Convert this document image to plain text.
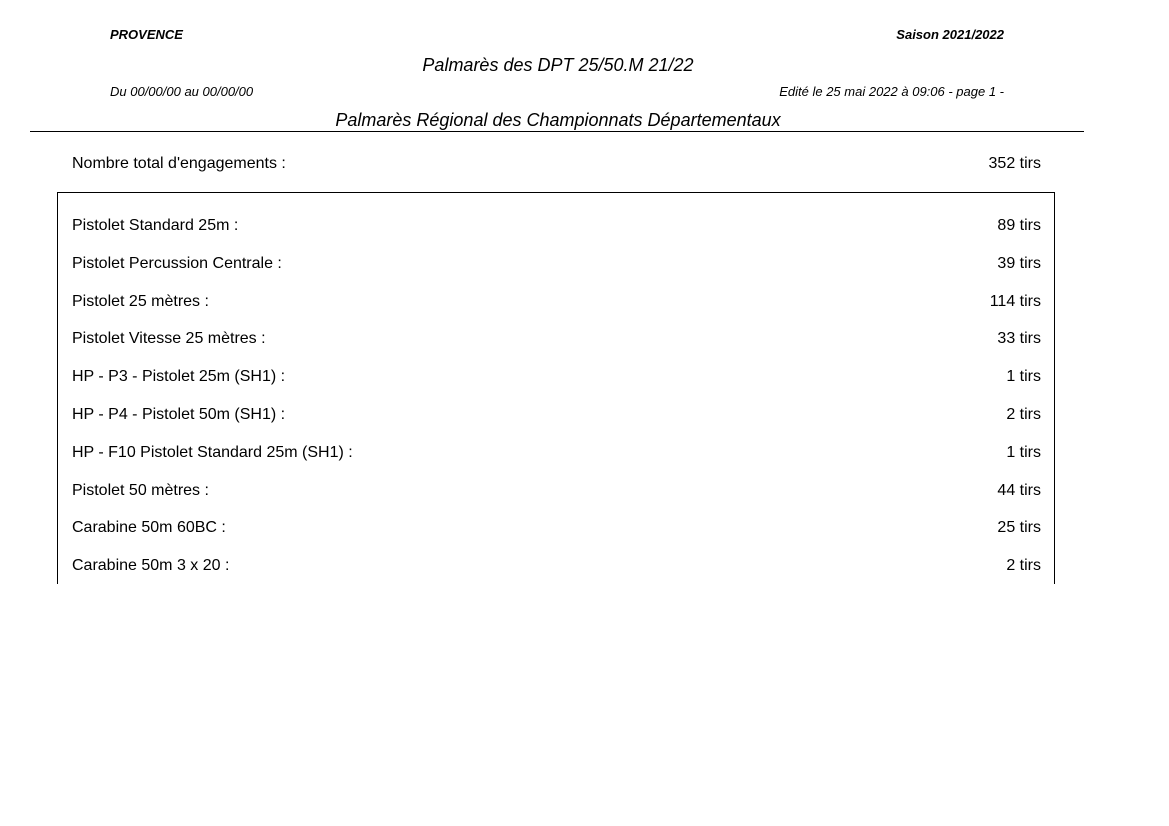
PROVENCE	Saison 2021/2022
Palmarès des DPT 25/50.M 21/22
Du 00/00/00 au 00/00/00	Edité le 25 mai 2022 à 09:06 - page 1 -
Palmarès Régional des Championnats Départementaux
Nombre total d'engagements :	352 tirs
Pistolet Standard 25m :	89 tirs
Pistolet Percussion Centrale :	39 tirs
Pistolet 25 mètres :	114 tirs
Pistolet Vitesse 25 mètres :	33 tirs
HP - P3 - Pistolet 25m (SH1) :	1 tirs
HP - P4 - Pistolet 50m (SH1) :	2 tirs
HP - F10 Pistolet Standard 25m (SH1) :	1 tirs
Pistolet 50 mètres :	44 tirs
Carabine 50m 60BC :	25 tirs
Carabine 50m 3 x 20 :	2 tirs
